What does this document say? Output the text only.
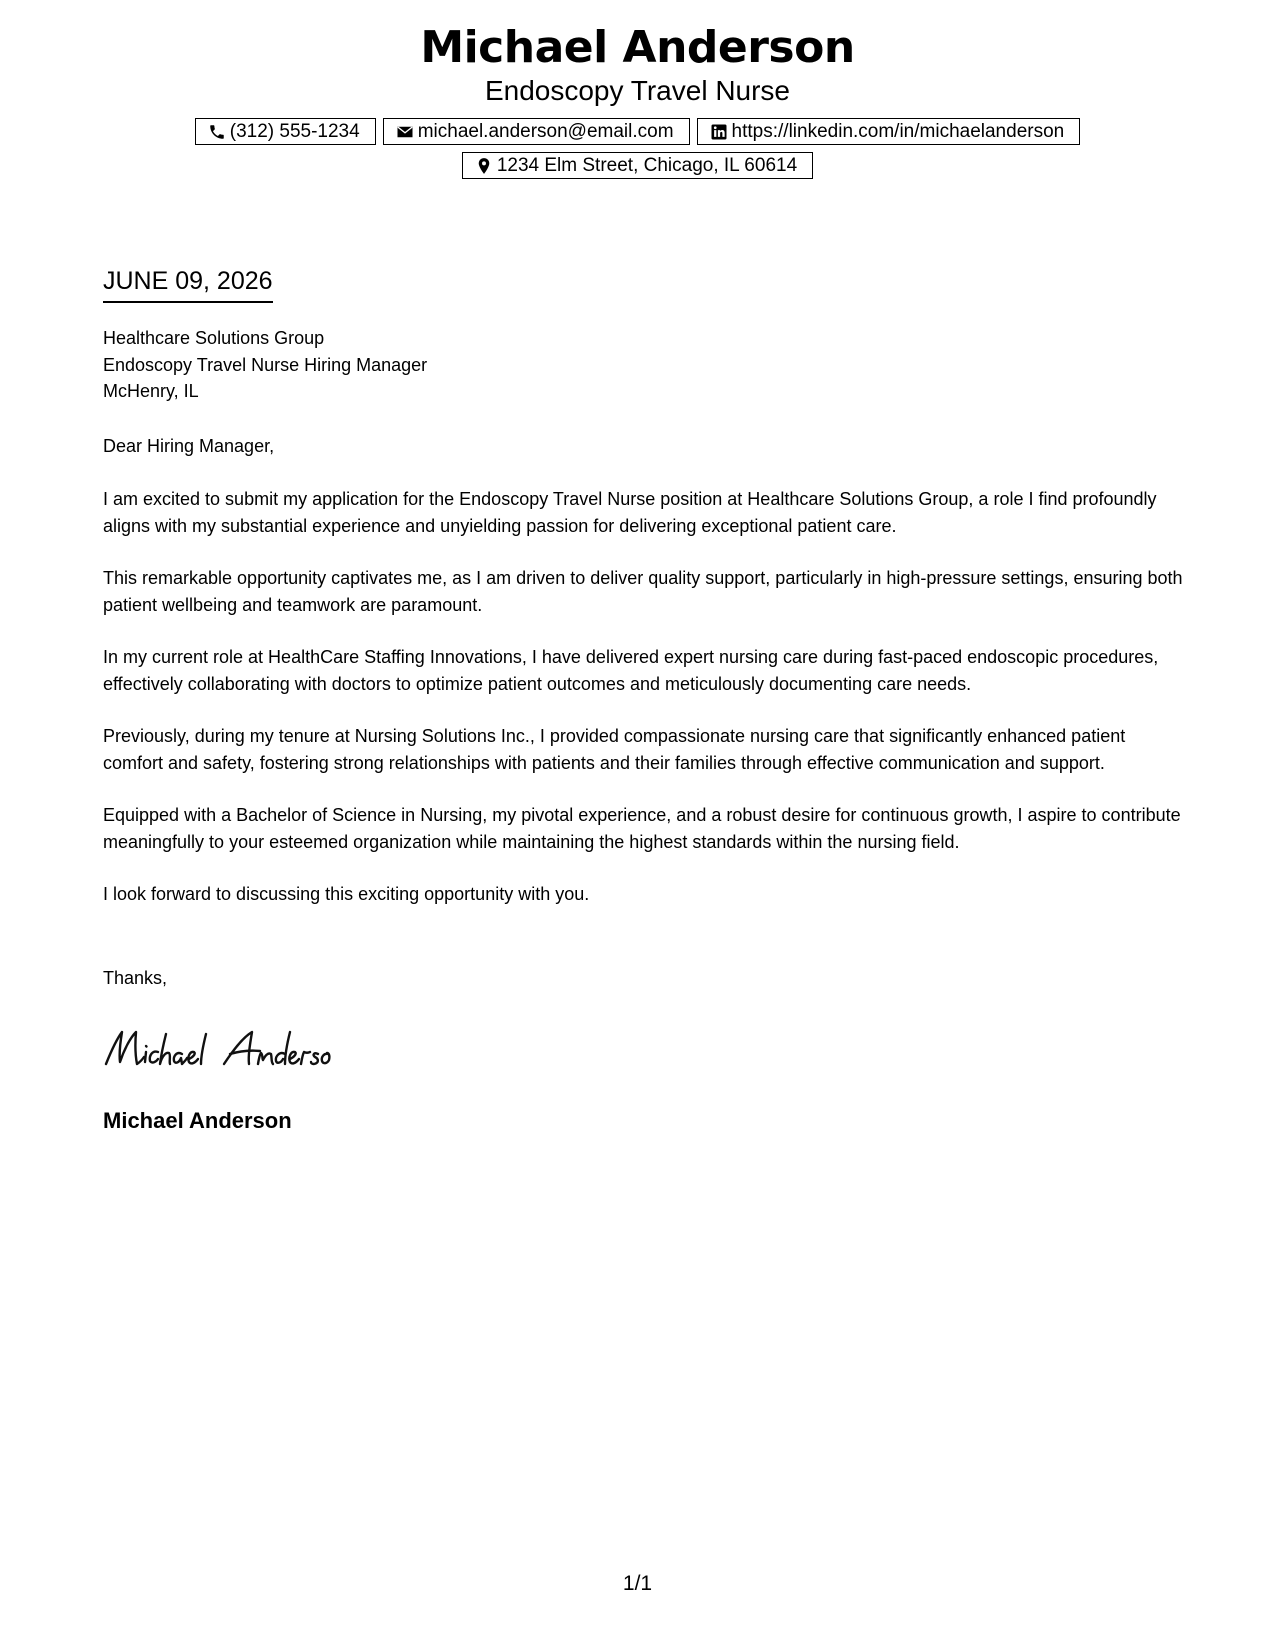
Michael Anderson
Endoscopy Travel Nurse
(312) 555-1234	michael.anderson@email.com	https://linkedin.com/in/michaelanderson
1234 Elm Street, Chicago, IL 60614
JUNE 09, 2026
Healthcare Solutions Group
Endoscopy Travel Nurse Hiring Manager
McHenry, IL
Dear Hiring Manager,

I am excited to submit my application for the Endoscopy Travel Nurse position at Healthcare Solutions Group, a role I find profoundly aligns with my substantial experience and unyielding passion for delivering exceptional patient care.

This remarkable opportunity captivates me, as I am driven to deliver quality support, particularly in high-pressure settings, ensuring both patient wellbeing and teamwork are paramount.

In my current role at HealthCare Staffing Innovations, I have delivered expert nursing care during fast-paced endoscopic procedures, effectively collaborating with doctors to optimize patient outcomes and meticulously documenting care needs.

Previously, during my tenure at Nursing Solutions Inc., I provided compassionate nursing care that significantly enhanced patient comfort and safety, fostering strong relationships with patients and their families through effective communication and support.

Equipped with a Bachelor of Science in Nursing, my pivotal experience, and a robust desire for continuous growth, I aspire to contribute meaningfully to your esteemed organization while maintaining the highest standards within the nursing field.

I look forward to discussing this exciting opportunity with you.

Thanks,
Michael Anderson
1/1
